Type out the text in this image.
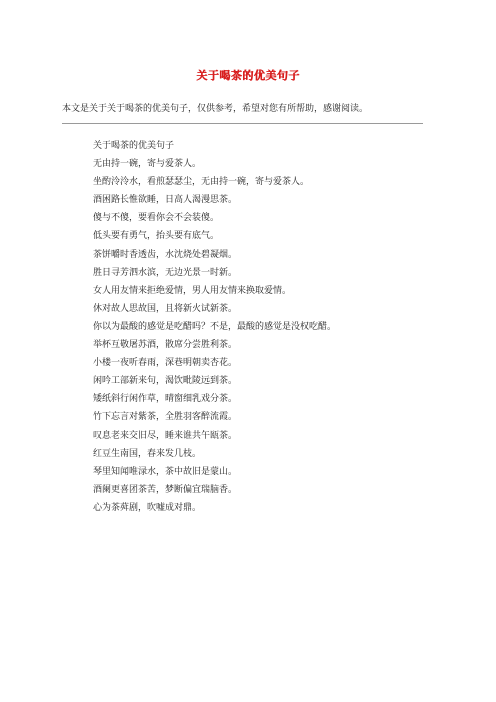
关于喝茶的优美句子
本文是关于关于喝茶的优美句子，仅供参考，希望对您有所帮助，感谢阅读。
关于喝茶的优美句子
无由持一碗，寄与爱茶人。
坐酌泠泠水，看煎瑟瑟尘，无由持一碗，寄与爱茶人。
酒困路长惟欲睡，日高人渴漫思茶。
傻与不傻，要看你会不会装傻。
低头要有勇气，抬头要有底气。
茶饼嚼时香透齿，水沈烧处碧凝烟。
胜日寻芳泗水滨，无边光景一时新。
女人用友情来拒绝爱情，男人用友情来换取爱情。
休对故人思故国，且将新火试新茶。
你以为最酸的感觉是吃醋吗？不是，最酸的感觉是没权吃醋。
举杯互敬屠苏酒，散席分尝胜利茶。
小楼一夜听春雨，深巷明朝卖杏花。
闲吟工部新来句，渴饮毗陵远到茶。
矮纸斜行闲作草，晴窗细乳戏分茶。
竹下忘言对紫茶，全胜羽客醉流霞。
叹息老来交旧尽，睡来谁共午瓯茶。
红豆生南国，春来发几枝。
琴里知闻唯渌水，茶中故旧是蒙山。
酒阑更喜团茶苦，梦断偏宜瑞脑香。
心为茶荈剧，吹嘘成对鼎。
